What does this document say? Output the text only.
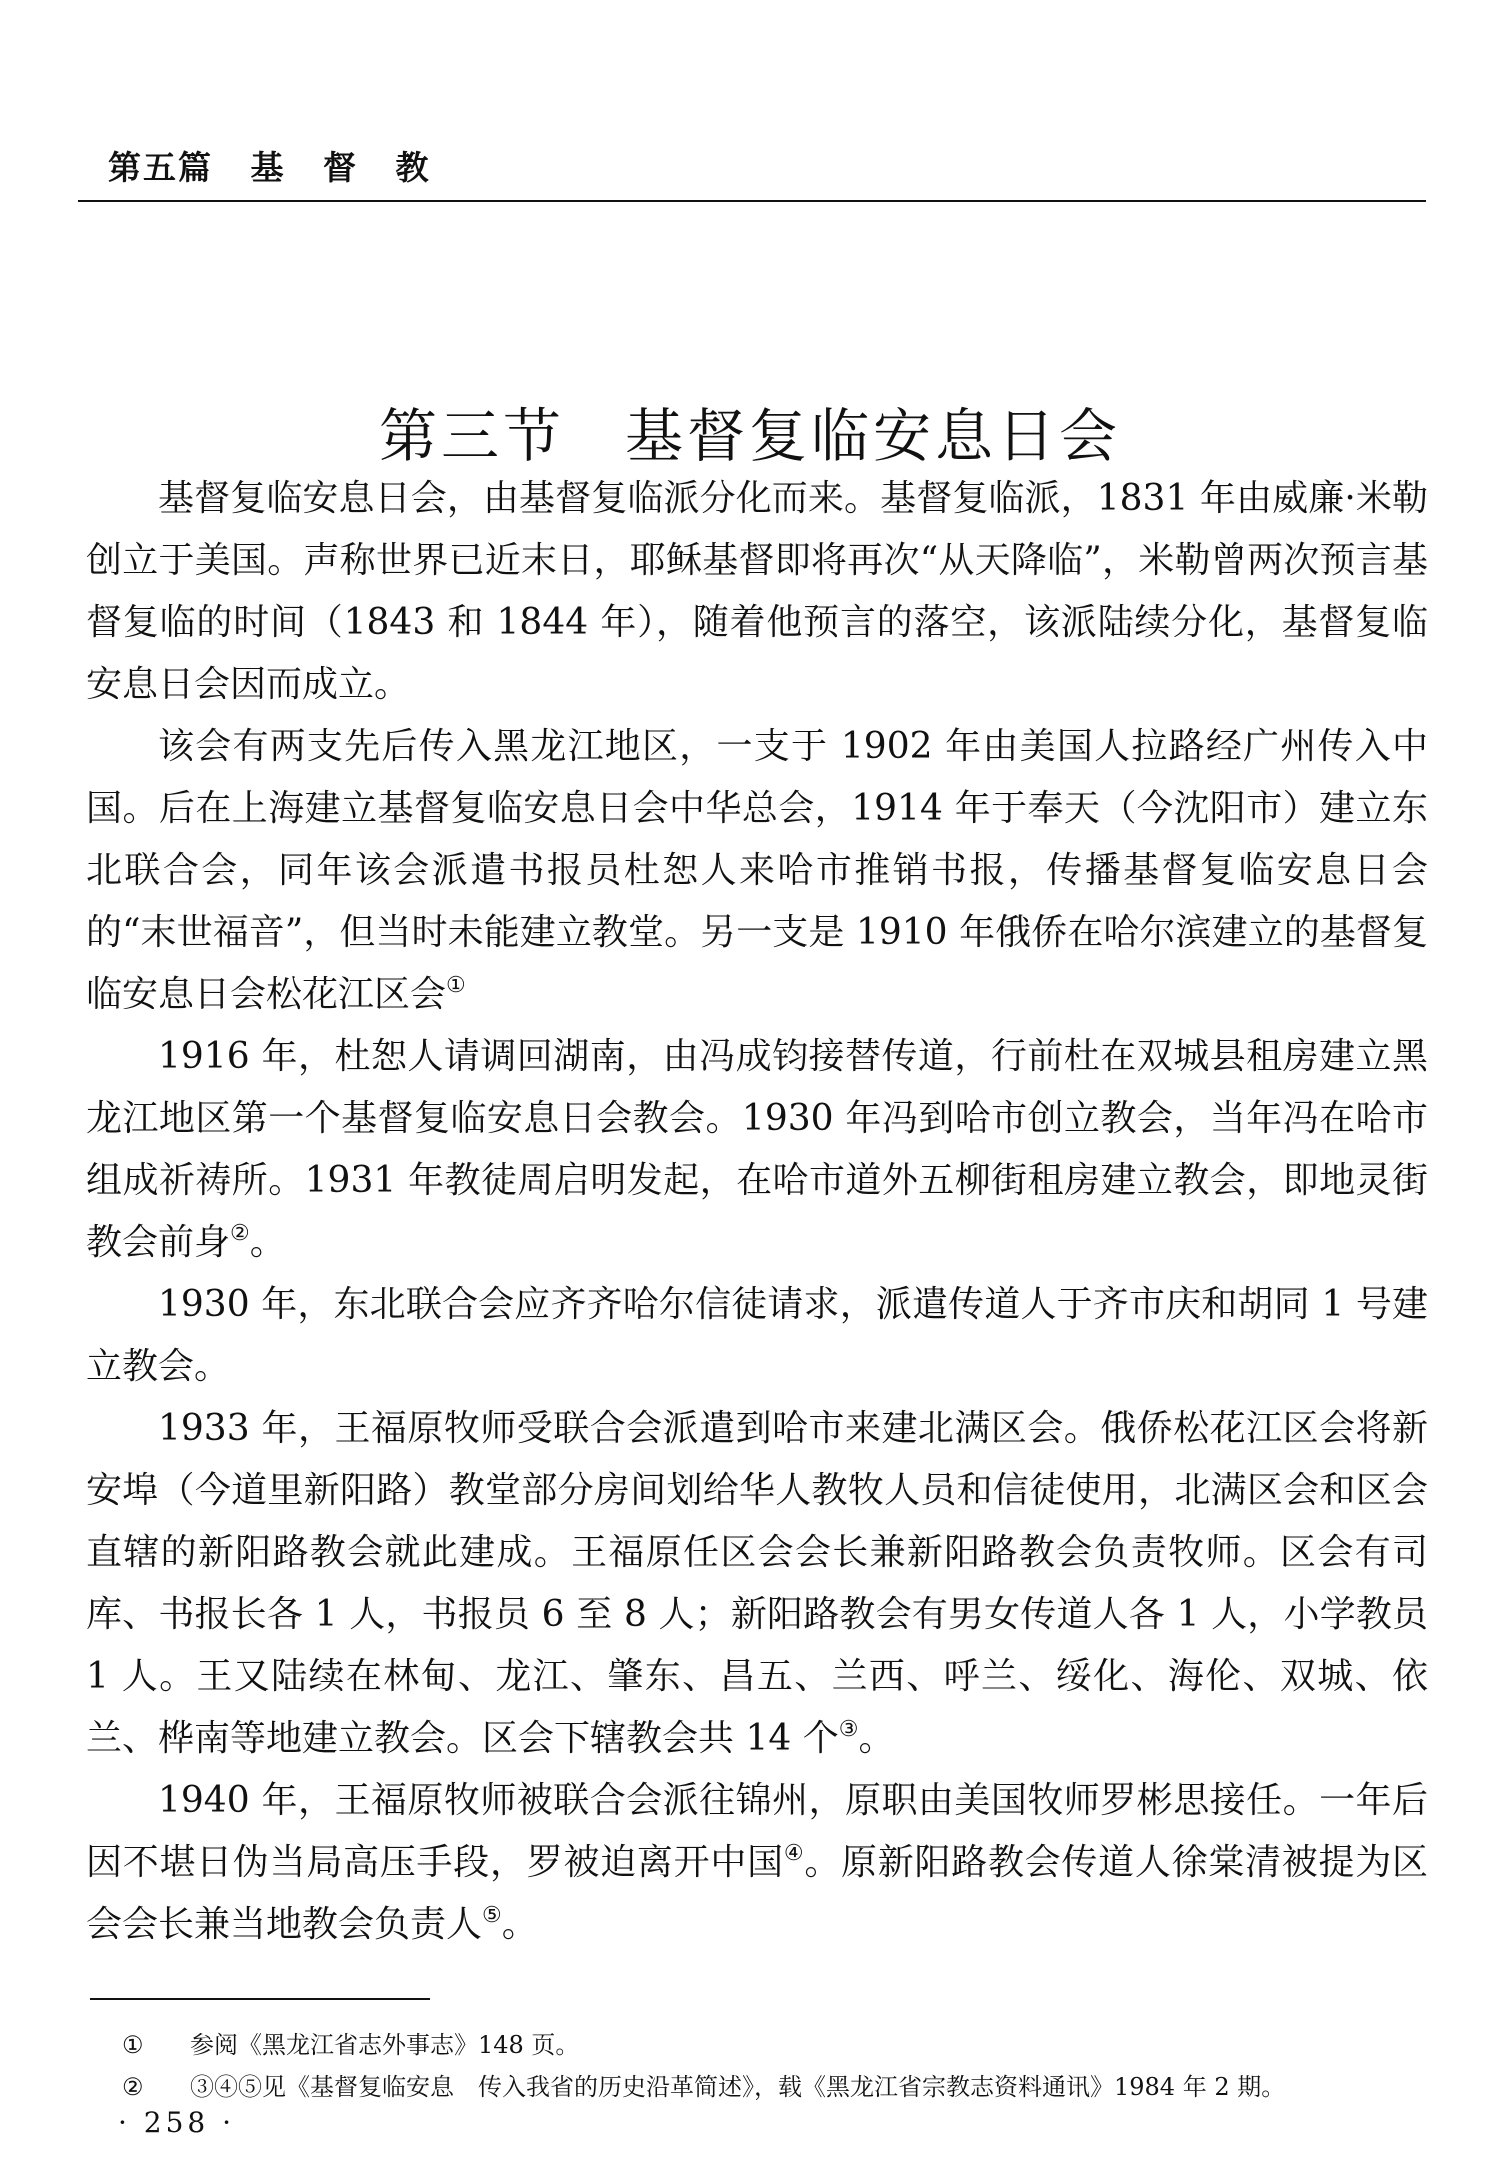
第五篇 基 督 教
第三节 基督复临安息日会

基督复临安息日会，由基督复临派分化而来。基督复临派，1831 年由威廉·米勒创立于美国。声称世界已近末日，耶稣基督即将再次“从天降临”，米勒曾两次预言基督复临的时间（1843 和 1844 年），随着他预言的落空，该派陆续分化，基督复临安息日会因而成立。

该会有两支先后传入黑龙江地区，一支于 1902 年由美国人拉路经广州传入中国。后在上海建立基督复临安息日会中华总会，1914 年于奉天（今沈阳市）建立东北联合会，同年该会派遣书报员杜恕人来哈市推销书报，传播基督复临安息日会的“末世福音”，但当时未能建立教堂。另一支是 1910 年俄侨在哈尔滨建立的基督复临安息日会松花江区会①

1916 年，杜恕人请调回湖南，由冯成钧接替传道，行前杜在双城县租房建立黑龙江地区第一个基督复临安息日会教会。1930 年冯到哈市创立教会，当年冯在哈市组成祈祷所。1931 年教徒周启明发起，在哈市道外五柳街租房建立教会，即地灵街教会前身②。

1930 年，东北联合会应齐齐哈尔信徒请求，派遣传道人于齐市庆和胡同 1 号建立教会。

1933 年，王福原牧师受联合会派遣到哈市来建北满区会。俄侨松花江区会将新安埠（今道里新阳路）教堂部分房间划给华人教牧人员和信徒使用，北满区会和区会直辖的新阳路教会就此建成。王福原任区会会长兼新阳路教会负责牧师。区会有司库、书报长各 1 人，书报员 6 至 8 人；新阳路教会有男女传道人各 1 人，小学教员 1 人。王又陆续在林甸、龙江、肇东、昌五、兰西、呼兰、绥化、海伦、双城、依兰、桦南等地建立教会。区会下辖教会共 14 个③。

1940 年，王福原牧师被联合会派往锦州，原职由美国牧师罗彬思接任。一年后因不堪日伪当局高压手段，罗被迫离开中国④。原新阳路教会传道人徐棠清被提为区会会长兼当地教会负责人⑤。

① 参阅《黑龙江省志外事志》148 页。
② ③④⑤见《基督复临安息　传入我省的历史沿革简述》，载《黑龙江省宗教志资料通讯》1984 年 2 期。
· 258 ·
